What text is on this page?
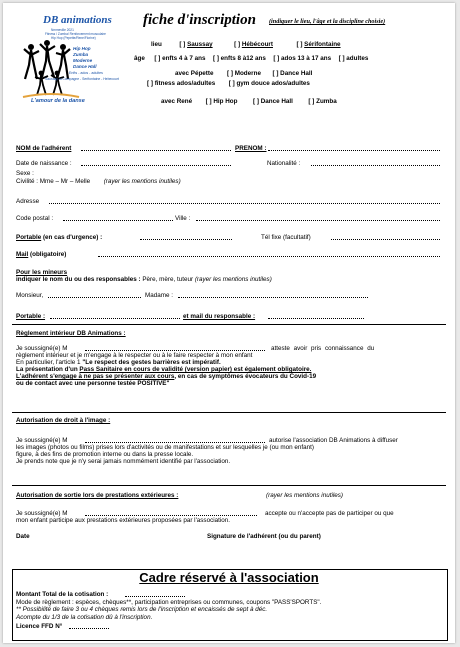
DB animations
Nmmeville 2021
Fitness / Zumba/ Renforcement musculaire
Hip Hop (Pepette/Rene/Florine)
Hip Hop
Zumba
Moderne
Dance Hall
Enfts - ados - adultes
Saussay la Campagne - Serifontaine - Hebecourt
L'amour de la danse
fiche d'inscription (indiquer le lieu, l'âge et la discipline choisie)
lieu	[ ] Saussay	[ ] Hébécourt	[ ] Sérifontaine
âge [ ] enfts 4 à 7 ans [ ] enfts 8 à12 ans [ ] ados 13 à 17 ans [ ] adultes
avec Pépette [ ] Moderne [ ] Dance Hall
[ ] fitness ados/adultes [ ] gym douce ados/adultes
avec René [ ] Hip Hop [ ] Dance Hall [ ] Zumba
NOM de l'adhérent	PRENOM :
Date de naissance :	Nationalité :
Sexe :
Civilité : Mme – Mr – Melle (rayer les mentions inutiles)
Adresse
Code postal :	Ville :
Portable (en cas d'urgence) :	Tél fixe (facultatif)
Mail (obligatoire)
Pour les mineurs
indiquer le nom du ou des responsables : Père, mère, tuteur (rayer les mentions inutiles)
Monsieur,	Madame :
Portable :	et mail du responsable :
Règlement intérieur DB Animations :
Je soussigné(e) M	atteste avoir pris connaissance du
règlement intérieur et je m'engage à le respecter ou à le faire respecter à mon enfant
En particulier, l'article 1 "Le respect des gestes barrières est impératif.
La présentation d'un Pass Sanitaire en cours de validité (version papier) est également obligatoire.
L'adhérent s'engage à ne pas se présenter aux cours, en cas de symptômes évocateurs du Covid-19
ou de contact avec une personne testée POSITIVE"
Autorisation de droit à l'image :
Je soussigné(e) M	autorise l'association DB Animations à diffuser
les images (photos ou films) prises lors d'activités ou de manifestations et sur lesquelles je (ou mon enfant)
figure, à des fins de promotion interne ou dans la presse locale.
Je prends note que je n'y serai jamais nommément identifié par l'association.
Autorisation de sortie lors de prestations extérieures :	(rayer les mentions inutiles)
Je soussigné(e) M	accepte ou n'accepte pas de participer ou que
mon enfant participe aux prestations extérieures proposées par l'association.
Date	Signature de l'adhérent (ou du parent)
Cadre réservé à l'association
Montant Total de la cotisation :
Mode de règlement : espèces, chèques**, participation entreprises ou communes, coupons "PASS'SPORTS".
** Possibilité de faire 3 ou 4 chèques remis lors de l'inscription et encaissés de sept à déc.
Acompte du 1/3 de la cotisation dû à l'inscription.
Licence FFD N°
